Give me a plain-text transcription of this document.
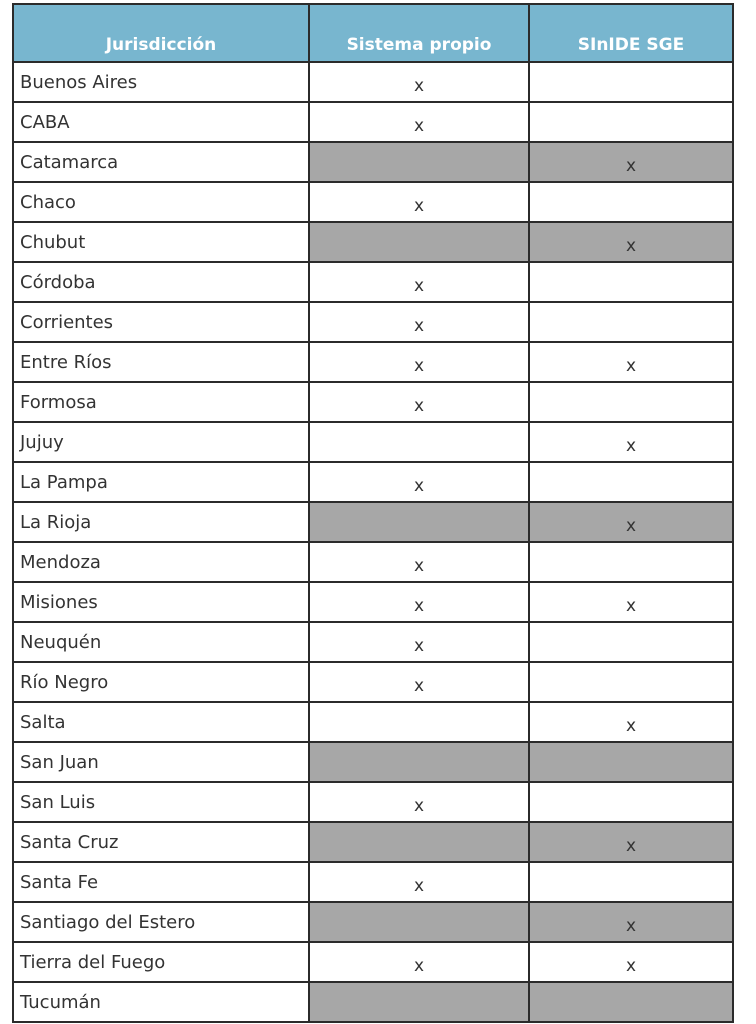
Jurisdicción	Sistema propio	SInIDE SGE
Buenos Aires	x	
CABA	x	
Catamarca		x
Chaco	x	
Chubut		x
Córdoba	x	
Corrientes	x	
Entre Ríos	x	x
Formosa	x	
Jujuy		x
La Pampa	x	
La Rioja		x
Mendoza	x	
Misiones	x	x
Neuquén	x	
Río Negro	x	
Salta		x
San Juan		
San Luis	x	
Santa Cruz		x
Santa Fe	x	
Santiago del Estero		x
Tierra del Fuego	x	x
Tucumán		
